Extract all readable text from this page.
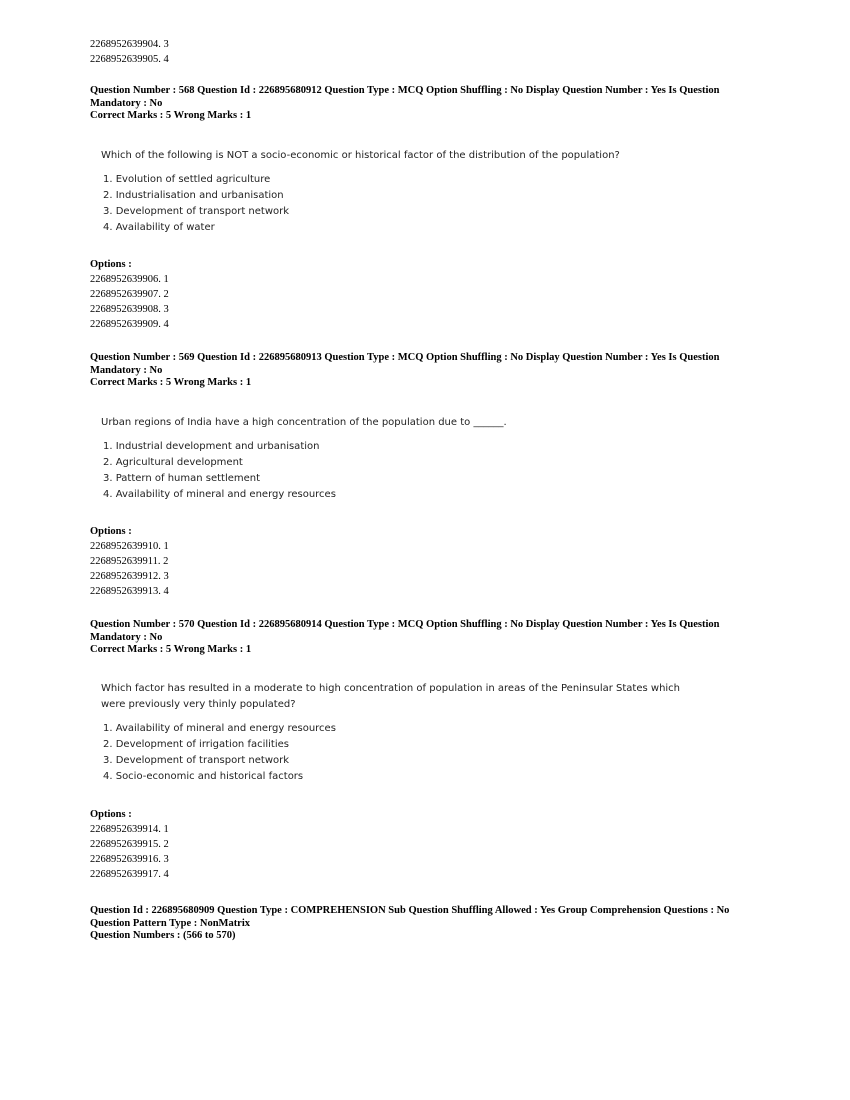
2268952639904. 3
2268952639905. 4
Question Number : 568 Question Id : 226895680912 Question Type : MCQ Option Shuffling : No Display Question Number : Yes Is Question
Mandatory : No
Correct Marks : 5 Wrong Marks : 1
Which of the following is NOT a socio-economic or historical factor of the distribution of the population?
1. Evolution of settled agriculture
2. Industrialisation and urbanisation
3. Development of transport network
4. Availability of water
Options :
2268952639906. 1
2268952639907. 2
2268952639908. 3
2268952639909. 4
Question Number : 569 Question Id : 226895680913 Question Type : MCQ Option Shuffling : No Display Question Number : Yes Is Question
Mandatory : No
Correct Marks : 5 Wrong Marks : 1
Urban regions of India have a high concentration of the population due to ______.
1. Industrial development and urbanisation
2. Agricultural development
3. Pattern of human settlement
4. Availability of mineral and energy resources
Options :
2268952639910. 1
2268952639911. 2
2268952639912. 3
2268952639913. 4
Question Number : 570 Question Id : 226895680914 Question Type : MCQ Option Shuffling : No Display Question Number : Yes Is Question
Mandatory : No
Correct Marks : 5 Wrong Marks : 1
Which factor has resulted in a moderate to high concentration of population in areas of the Peninsular States which
were previously very thinly populated?
1. Availability of mineral and energy resources
2. Development of irrigation facilities
3. Development of transport network
4. Socio-economic and historical factors
Options :
2268952639914. 1
2268952639915. 2
2268952639916. 3
2268952639917. 4
Question Id : 226895680909 Question Type : COMPREHENSION Sub Question Shuffling Allowed : Yes Group Comprehension Questions : No
Question Pattern Type : NonMatrix
Question Numbers : (566 to 570)
